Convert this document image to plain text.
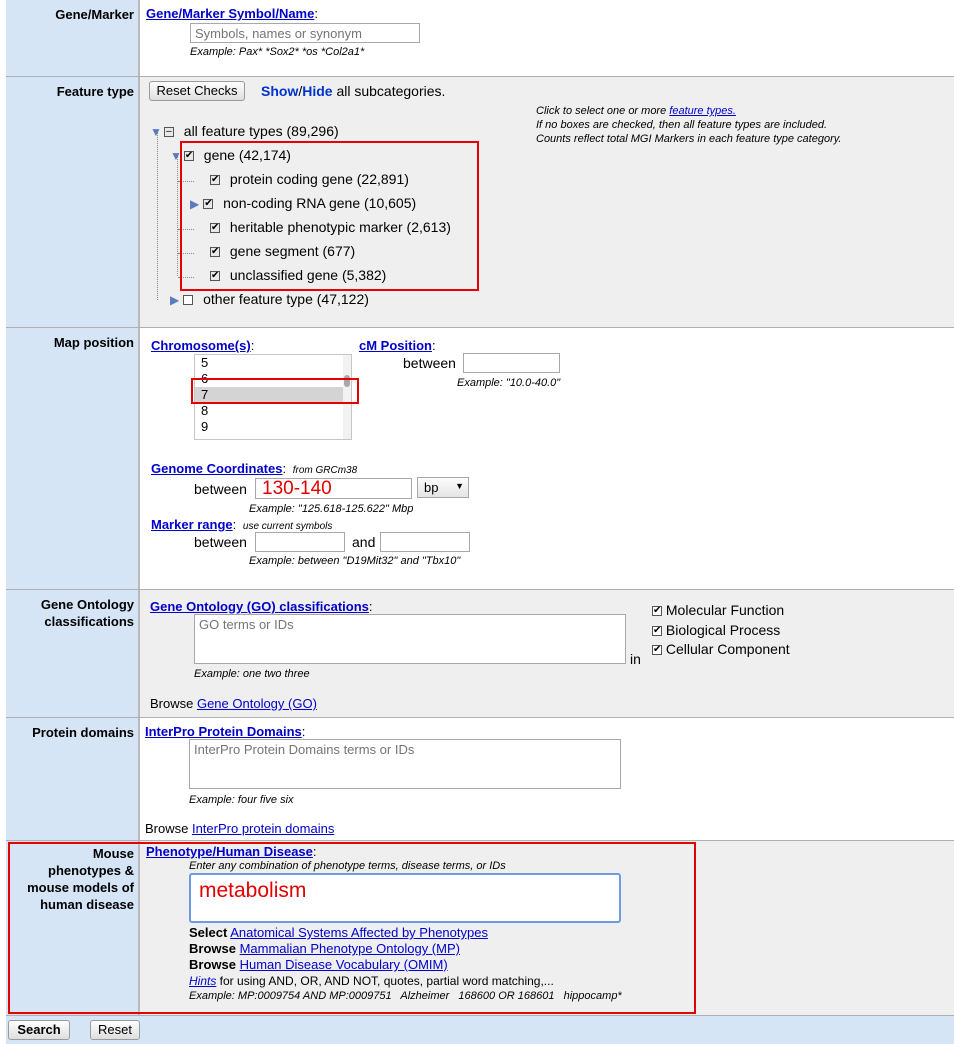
Gene/Marker Gene/Marker Symbol/Name:
Symbols, names or synonym
Example: Pax* *Sox2* *os *Col2a1*
Feature type	Reset Checks	Show/Hide all subcategories.
Click to select one or more feature types.
If no boxes are checked, then all feature types are included.
Counts reflect total MGI Markers in each feature type category.
▼ – all feature types (89,296)
▼ ✔ gene (42,174)
✔ protein coding gene (22,891)
▶ ✔ non-coding RNA gene (10,605)
✔ heritable phenotypic marker (2,613)
✔ gene segment (677)
✔ unclassified gene (5,382)
▶ other feature type (47,122)
Map position	Chromosome(s):
5
6
7
8
9
cM Position:
between
Example: "10.0-40.0"
Genome Coordinates: from GRCm38
between 130-140	bp ▼
Example: "125.618-125.622" Mbp
Marker range: use current symbols
between	and
Example: between "D19Mit32" and "Tbx10"
Gene Ontology classifications
Gene Ontology (GO) classifications:
GO terms or IDs
in
✔ Molecular Function
✔ Biological Process
✔ Cellular Component
Example: one two three
Browse Gene Ontology (GO)
Protein domains InterPro Protein Domains:
InterPro Protein Domains terms or IDs
Example: four five six
Browse InterPro protein domains
Mouse phenotypes & mouse models of human disease
Phenotype/Human Disease:
Enter any combination of phenotype terms, disease terms, or IDs
metabolism
Select Anatomical Systems Affected by Phenotypes
Browse Mammalian Phenotype Ontology (MP)
Browse Human Disease Vocabulary (OMIM)
Hints for using AND, OR, AND NOT, quotes, partial word matching,...
Example: MP:0009754 AND MP:0009751   Alzheimer   168600 OR 168601   hippocamp*
Search	Reset
